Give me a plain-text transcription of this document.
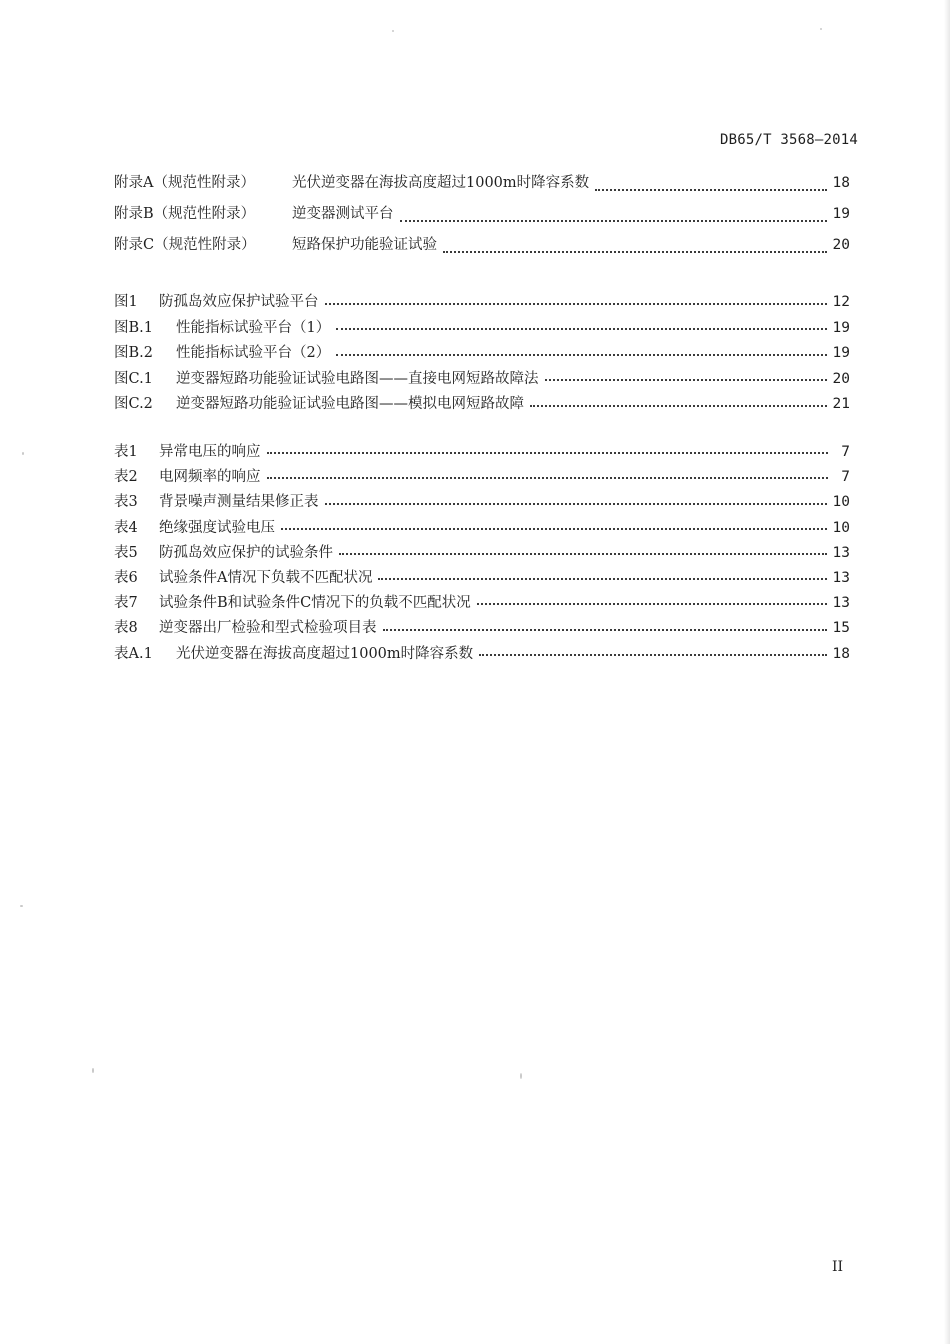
DB65/T 3568—2014
附录A（规范性附录）	光伏逆变器在海拔高度超过1000m时降容系数	18
附录B（规范性附录）	逆变器测试平台	19
附录C（规范性附录）	短路保护功能验证试验	20
图1	防孤岛效应保护试验平台	12
图B.1	性能指标试验平台（1）	19
图B.2	性能指标试验平台（2）	19
图C.1	逆变器短路功能验证试验电路图——直接电网短路故障法	20
图C.2	逆变器短路功能验证试验电路图——模拟电网短路故障	21
表1	异常电压的响应	7
表2	电网频率的响应	7
表3	背景噪声测量结果修正表	10
表4	绝缘强度试验电压	10
表5	防孤岛效应保护的试验条件	13
表6	试验条件A情况下负载不匹配状况	13
表7	试验条件B和试验条件C情况下的负载不匹配状况	13
表8	逆变器出厂检验和型式检验项目表	15
表A.1	光伏逆变器在海拔高度超过1000m时降容系数	18
II
